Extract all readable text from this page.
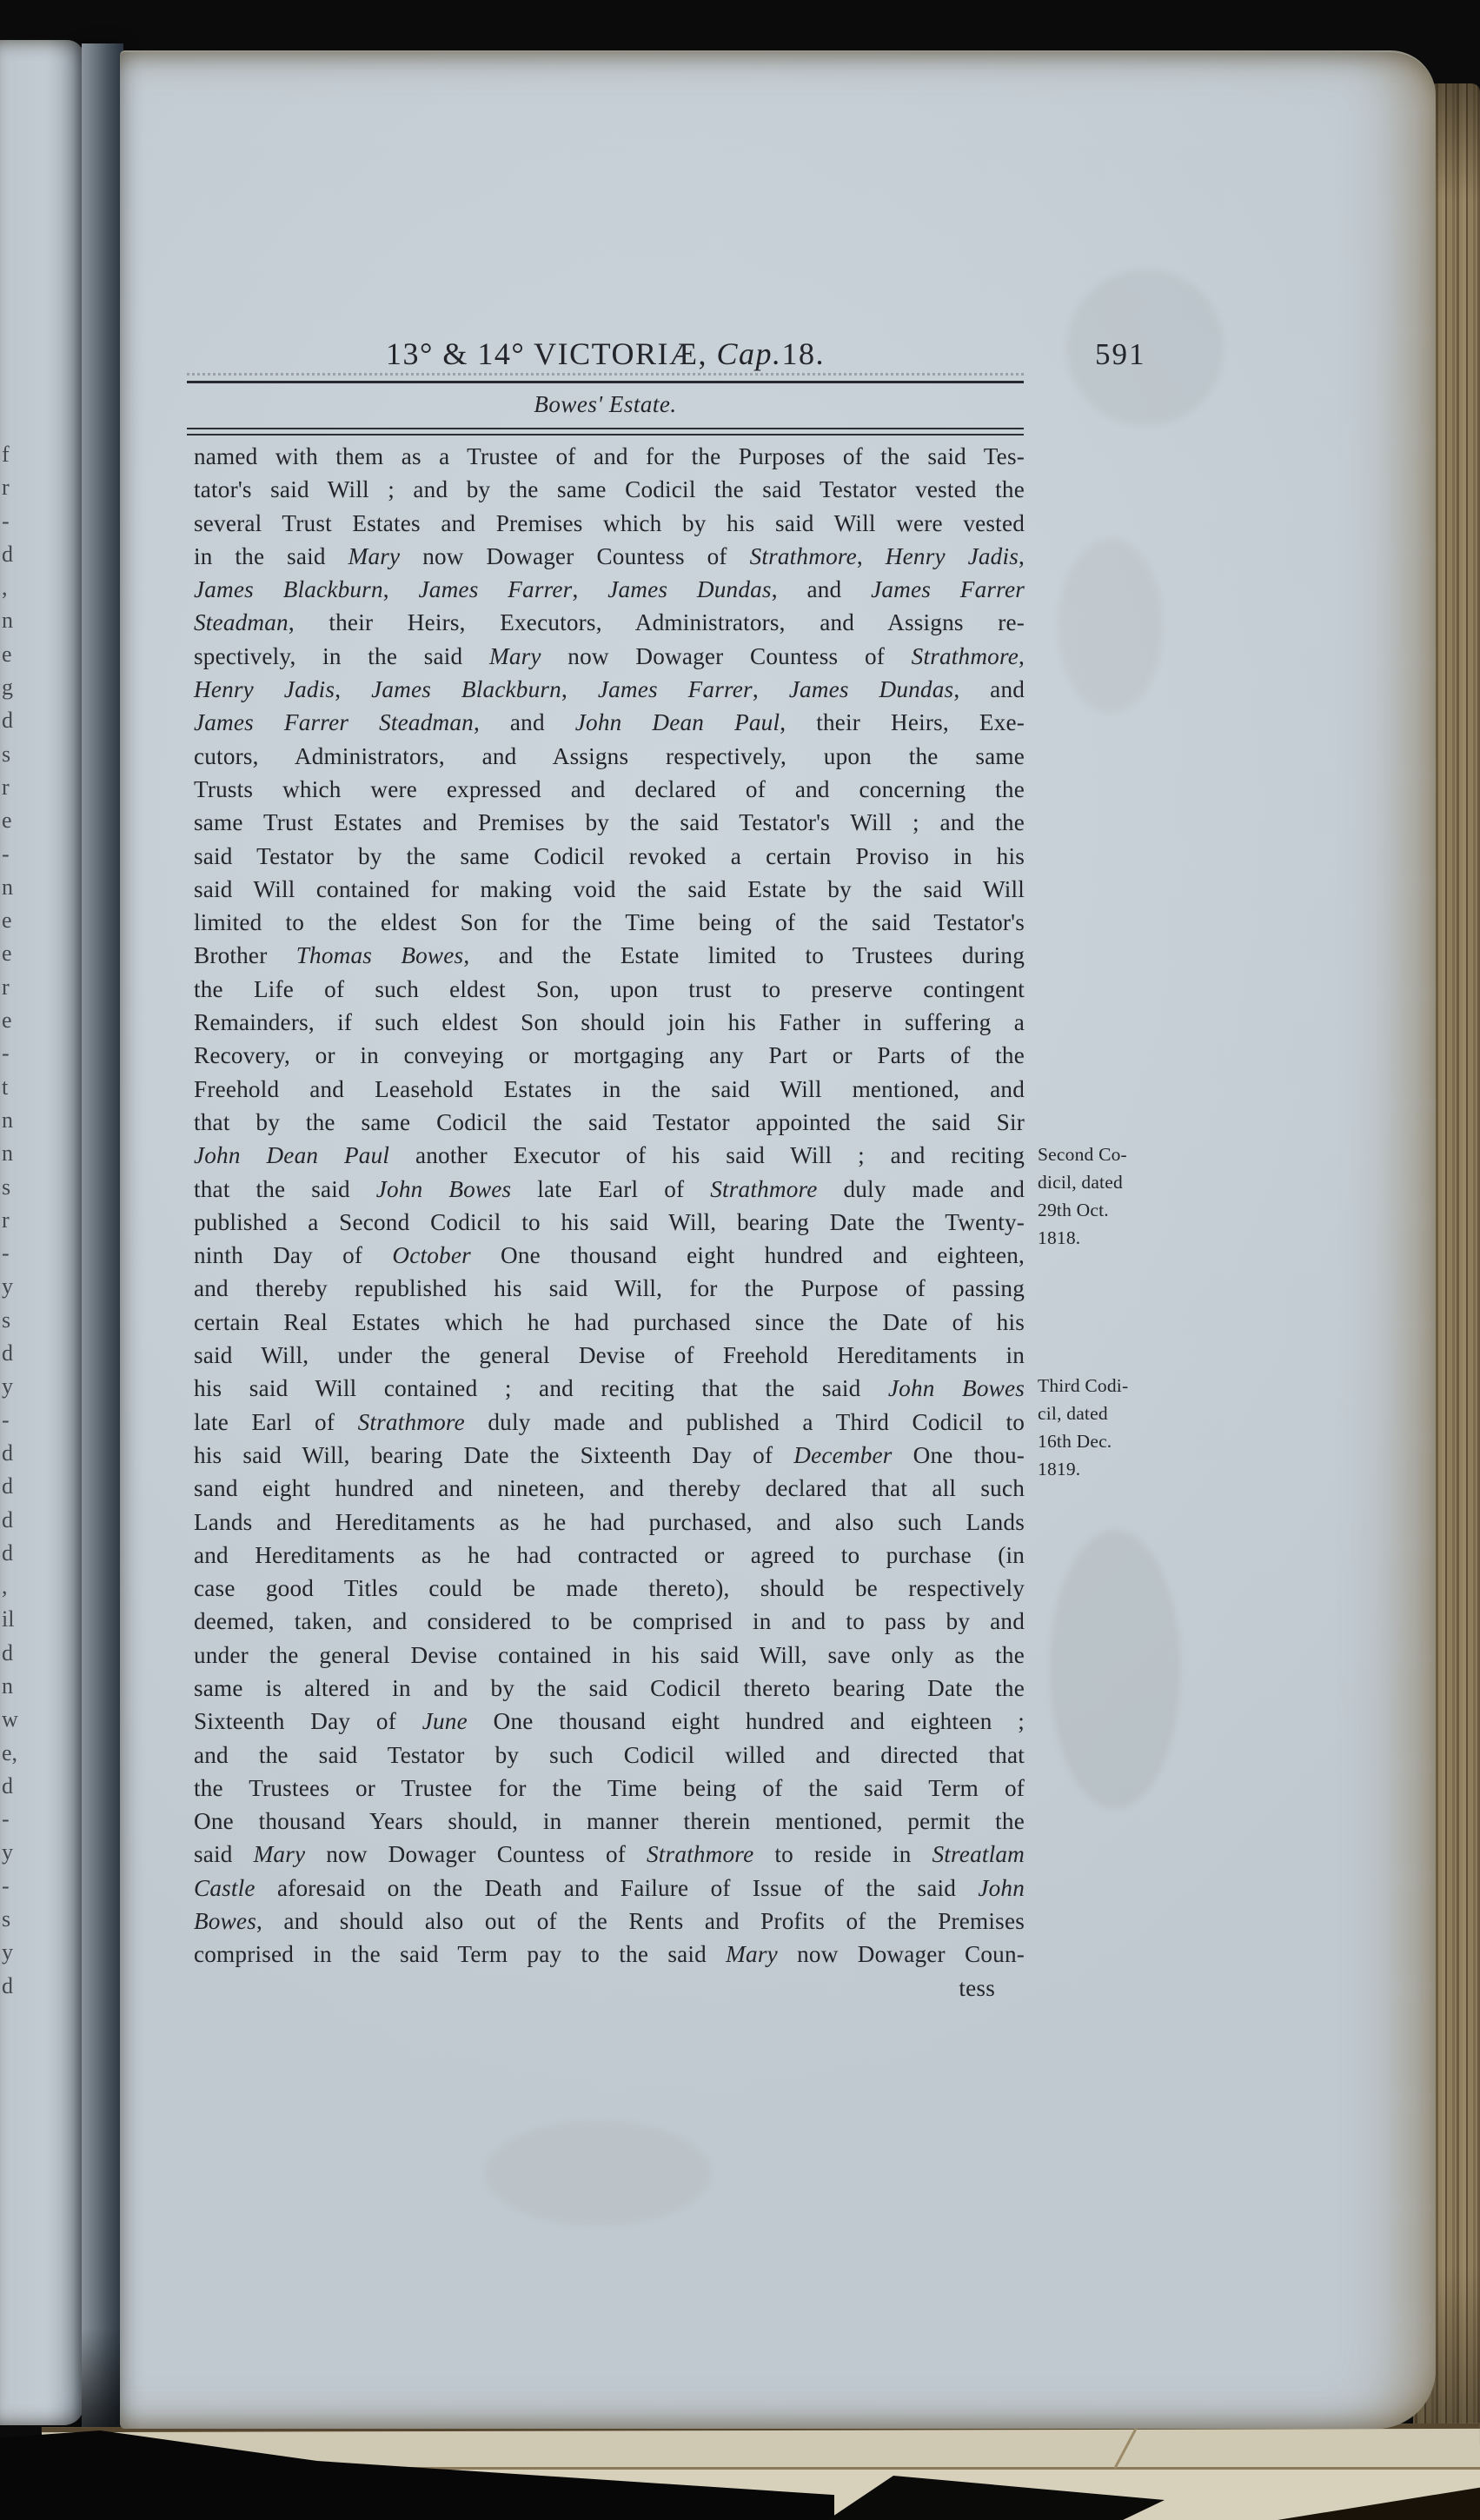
f
r
-
d
,
n
e
g
d
s
r
e
-
n
e
e
r
e
-
t
n
n
s
r
-
y
s
d
y
-
d
d
d
d
,
il
d
n
w
e,
d
-
y
-
s
y
d
13° & 14° VICTORIÆ, Cap.18.	591
Bowes' Estate.
named with them as a Trustee of and for the Purposes of the said Tes-
tator's said Will ; and by the same Codicil the said Testator vested the
several Trust Estates and Premises which by his said Will were vested
in the said Mary now Dowager Countess of Strathmore, Henry Jadis,
James Blackburn, James Farrer, James Dundas, and James Farrer
Steadman, their Heirs, Executors, Administrators, and Assigns re-
spectively, in the said Mary now Dowager Countess of Strathmore,
Henry Jadis, James Blackburn, James Farrer, James Dundas, and
James Farrer Steadman, and John Dean Paul, their Heirs, Exe-
cutors, Administrators, and Assigns respectively, upon the same
Trusts which were expressed and declared of and concerning the
same Trust Estates and Premises by the said Testator's Will ; and the
said Testator by the same Codicil revoked a certain Proviso in his
said Will contained for making void the said Estate by the said Will
limited to the eldest Son for the Time being of the said Testator's
Brother Thomas Bowes, and the Estate limited to Trustees during
the Life of such eldest Son, upon trust to preserve contingent
Remainders, if such eldest Son should join his Father in suffering a
Recovery, or in conveying or mortgaging any Part or Parts of the
Freehold and Leasehold Estates in the said Will mentioned, and
that by the same Codicil the said Testator appointed the said Sir
John Dean Paul another Executor of his said Will ; and reciting
that the said John Bowes late Earl of Strathmore duly made and
published a Second Codicil to his said Will, bearing Date the Twenty-
ninth Day of October One thousand eight hundred and eighteen,
and thereby republished his said Will, for the Purpose of passing
certain Real Estates which he had purchased since the Date of his
said Will, under the general Devise of Freehold Hereditaments in
his said Will contained ; and reciting that the said John Bowes
late Earl of Strathmore duly made and published a Third Codicil to
his said Will, bearing Date the Sixteenth Day of December One thou-
sand eight hundred and nineteen, and thereby declared that all such
Lands and Hereditaments as he had purchased, and also such Lands
and Hereditaments as he had contracted or agreed to purchase (in
case good Titles could be made thereto), should be respectively
deemed, taken, and considered to be comprised in and to pass by and
under the general Devise contained in his said Will, save only as the
same is altered in and by the said Codicil thereto bearing Date the
Sixteenth Day of June One thousand eight hundred and eighteen ;
and the said Testator by such Codicil willed and directed that
the Trustees or Trustee for the Time being of the said Term of
One thousand Years should, in manner therein mentioned, permit the
said Mary now Dowager Countess of Strathmore to reside in Streatlam
Castle aforesaid on the Death and Failure of Issue of the said John
Bowes, and should also out of the Rents and Profits of the Premises
comprised in the said Term pay to the said Mary now Dowager Coun-
tess
Second Co-
dicil, dated
29th Oct.
1818.
Third Codi-
cil, dated
16th Dec.
1819.
